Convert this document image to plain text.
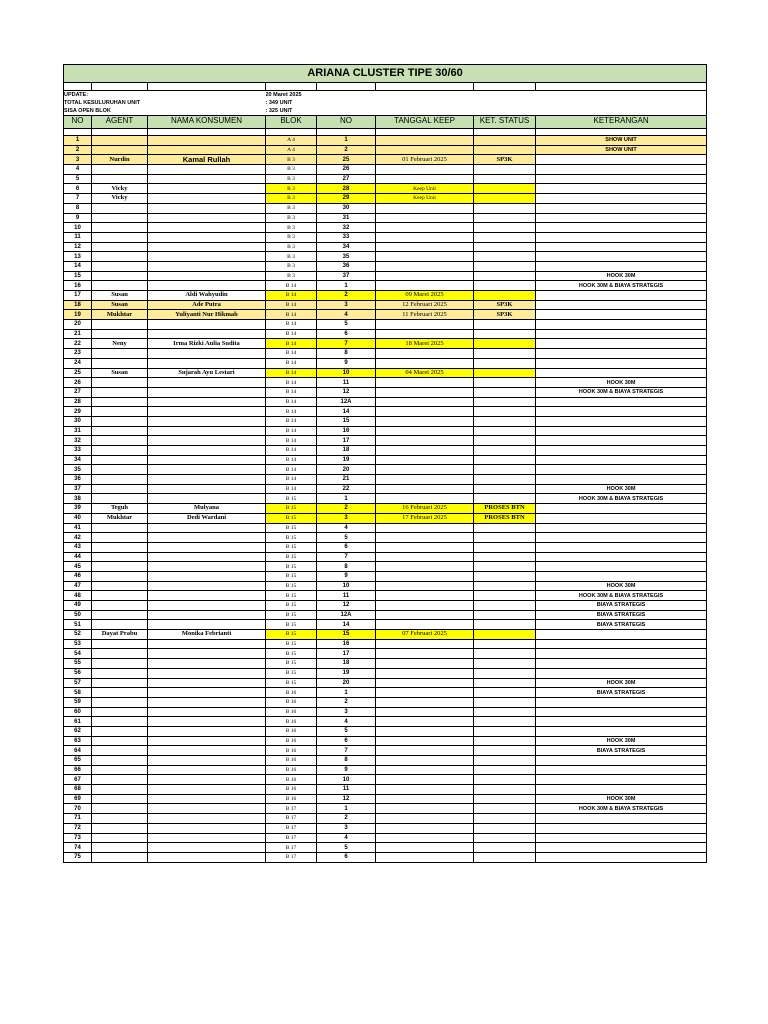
ARIANA CLUSTER TIPE 30/60							

UPDATE:			20 Maret 2025				
TOTAL KESULURUHAN UNIT			: 349 UNIT				
SISA OPEN BLOK			: 325 UNIT				
NO	AGENT	NAMA KONSUMEN	BLOK	NO	TANGGAL KEEP	KET. STATUS	KETERANGAN

1			A 4	1			SHOW UNIT
2			A 4	2			SHOW UNIT
3	Nurdin	Kamal Rullah	B 3	25	01 Februari 2025	SP3K	
4			B 3	26			
5			B 3	27			
6	Vicky		B 3	28	Keep Unit		
7	Vicky		B 3	29	Keep Unit		
8			B 3	30			
9			B 3	31			
10			B 3	32			
11			B 3	33			
12			B 3	34			
13			B 3	35			
14			B 3	36			
15			B 3	37			HOOK 30M
16			B 14	1			HOOK 30M & BIAYA STRATEGIS
17	Susan	Aldi Wahyudin	B 14	2	09 Maret 2025		
18	Susan	Ade Putra	B 14	3	12 Februari 2025	SP3K	
19	Mukhtar	Yuliyanti Nur Hikmah	B 14	4	11 Februari 2025	SP3K	
20			B 14	5			
21			B 14	6			
22	Neny	Irma Rizki Aulia Sudita	B 14	7	18 Maret 2025		
23			B 14	8			
24			B 14	9			
25	Susan	Sujarah Ayu Lestari	B 14	10	04 Maret 2025		
26			B 14	11			HOOK 30M
27			B 14	12			HOOK 30M & BIAYA STRATEGIS
28			B 14	12A			
29			B 14	14			
30			B 14	15			
31			B 14	16			
32			B 14	17			
33			B 14	18			
34			B 14	19			
35			B 14	20			
36			B 14	21			
37			B 14	22			HOOK 30M
38			B 15	1			HOOK 30M & BIAYA STRATEGIS
39	Teguh	Mulyana	B 15	2	16 Februari 2025	PROSES BTN	
40	Mukhtar	Dedi Wardani	B 15	3	17 Februari 2025	PROSES BTN	
41			B 15	4			
42			B 15	5			
43			B 15	6			
44			B 15	7			
45			B 15	8			
46			B 15	9			
47			B 15	10			HOOK 30M
48			B 15	11			HOOK 30M & BIAYA STRATEGIS
49			B 15	12			BIAYA STRATEGIS
50			B 15	12A			BIAYA STRATEGIS
51			B 15	14			BIAYA STRATEGIS
52	Dayat Prabu	Monika Febrianti	B 15	15	07 Februari 2025		
53			B 15	16			
54			B 15	17			
55			B 15	18			
56			B 15	19			
57			B 15	20			HOOK 30M
58			B 16	1			BIAYA STRATEGIS
59			B 16	2			
60			B 16	3			
61			B 16	4			
62			B 16	5			
63			B 16	6			HOOK 30M
64			B 16	7			BIAYA STRATEGIS
65			B 16	8			
66			B 16	9			
67			B 16	10			
68			B 16	11			
69			B 16	12			HOOK 30M
70			B 17	1			HOOK 30M & BIAYA STRATEGIS
71			B 17	2			
72			B 17	3			
73			B 17	4			
74			B 17	5			
75			B 17	6			
